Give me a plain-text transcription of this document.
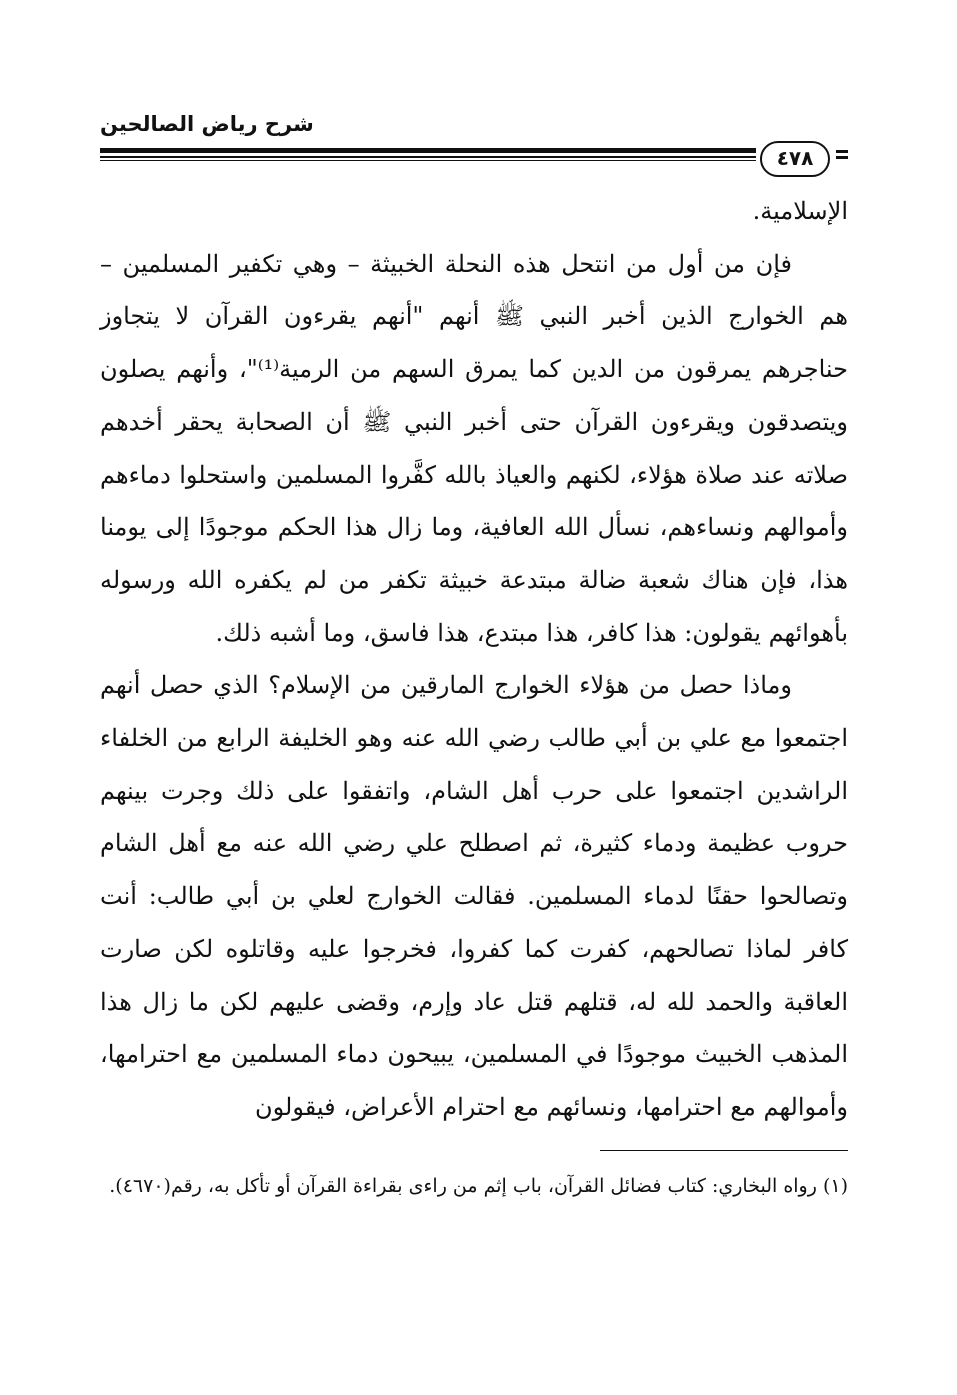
شرح رياض الصالحين
٤٧٨

الإسلامية.

فإن من أول من انتحل هذه النحلة الخبيثة – وهي تكفير المسلمين – هم الخوارج الذين أخبر النبي ﷺ أنهم "أنهم يقرءون القرآن لا يتجاوز حناجرهم يمرقون من الدين كما يمرق السهم من الرمية⁽¹⁾"، وأنهم يصلون ويتصدقون ويقرءون القرآن حتى أخبر النبي ﷺ أن الصحابة يحقر أخدهم صلاته عند صلاة هؤلاء، لكنهم والعياذ بالله كفَّروا المسلمين واستحلوا دماءهم وأموالهم ونساءهم، نسأل الله العافية، وما زال هذا الحكم موجودًا إلى يومنا هذا، فإن هناك شعبة ضالة مبتدعة خبيثة تكفر من لم يكفره الله ورسوله بأهوائهم يقولون: هذا كافر، هذا مبتدع، هذا فاسق، وما أشبه ذلك.

وماذا حصل من هؤلاء الخوارج المارقين من الإسلام؟ الذي حصل أنهم اجتمعوا مع علي بن أبي طالب رضي الله عنه وهو الخليفة الرابع من الخلفاء الراشدين اجتمعوا على حرب أهل الشام، واتفقوا على ذلك وجرت بينهم حروب عظيمة ودماء كثيرة، ثم اصطلح علي رضي الله عنه مع أهل الشام وتصالحوا حقنًا لدماء المسلمين. فقالت الخوارج لعلي بن أبي طالب: أنت كافر لماذا تصالحهم، كفرت كما كفروا، فخرجوا عليه وقاتلوه لكن صارت العاقبة والحمد لله له، قتلهم قتل عاد وإرم، وقضى عليهم لكن ما زال هذا المذهب الخبيث موجودًا في المسلمين، يبيحون دماء المسلمين مع احترامها، وأموالهم مع احترامها، ونسائهم مع احترام الأعراض، فيقولون

(١) رواه البخاري: كتاب فضائل القرآن، باب إثم من راءى بقراءة القرآن أو تأكل به، رقم(٤٦٧٠).
